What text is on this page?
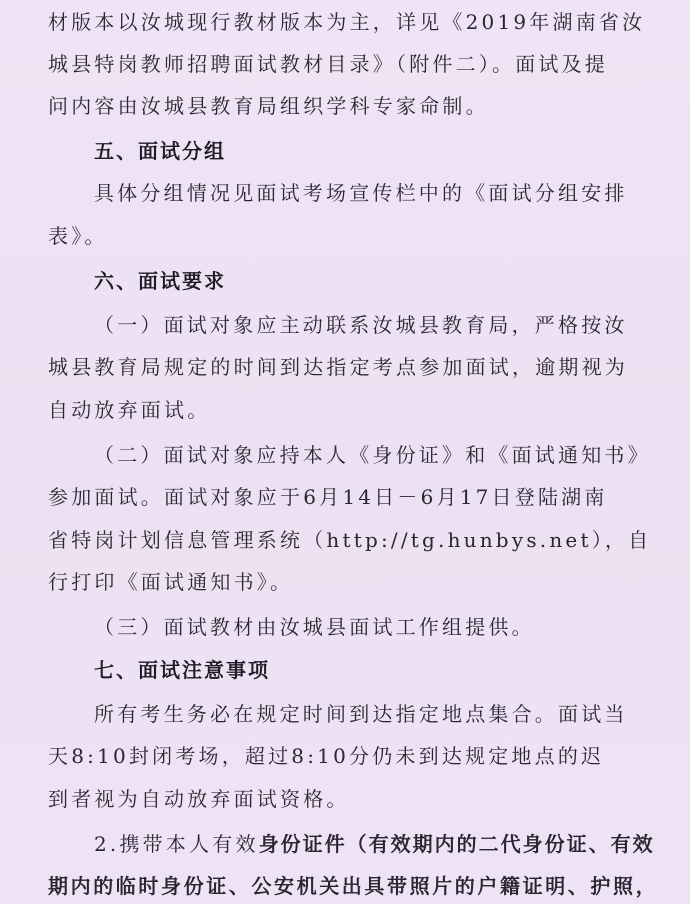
材版本以汝城现行教材版本为主，详见《2019年湖南省汝
城县特岗教师招聘面试教材目录》（附件二）。面试及提
问内容由汝城县教育局组织学科专家命制。
五、面试分组
具体分组情况见面试考场宣传栏中的《面试分组安排
表》。
六、面试要求
（一）面试对象应主动联系汝城县教育局，严格按汝
城县教育局规定的时间到达指定考点参加面试，逾期视为
自动放弃面试。
（二）面试对象应持本人《身份证》和《面试通知书》
参加面试。面试对象应于6月14日－6月17日登陆湖南
省特岗计划信息管理系统（http://tg.hunbys.net），自
行打印《面试通知书》。
（三）面试教材由汝城县面试工作组提供。
七、面试注意事项
所有考生务必在规定时间到达指定地点集合。面试当
天8:10封闭考场，超过8:10分仍未到达规定地点的迟
到者视为自动放弃面试资格。
2.携带本人有效身份证件（有效期内的二代身份证、有效
期内的临时身份证、公安机关出具带照片的户籍证明、护照，
